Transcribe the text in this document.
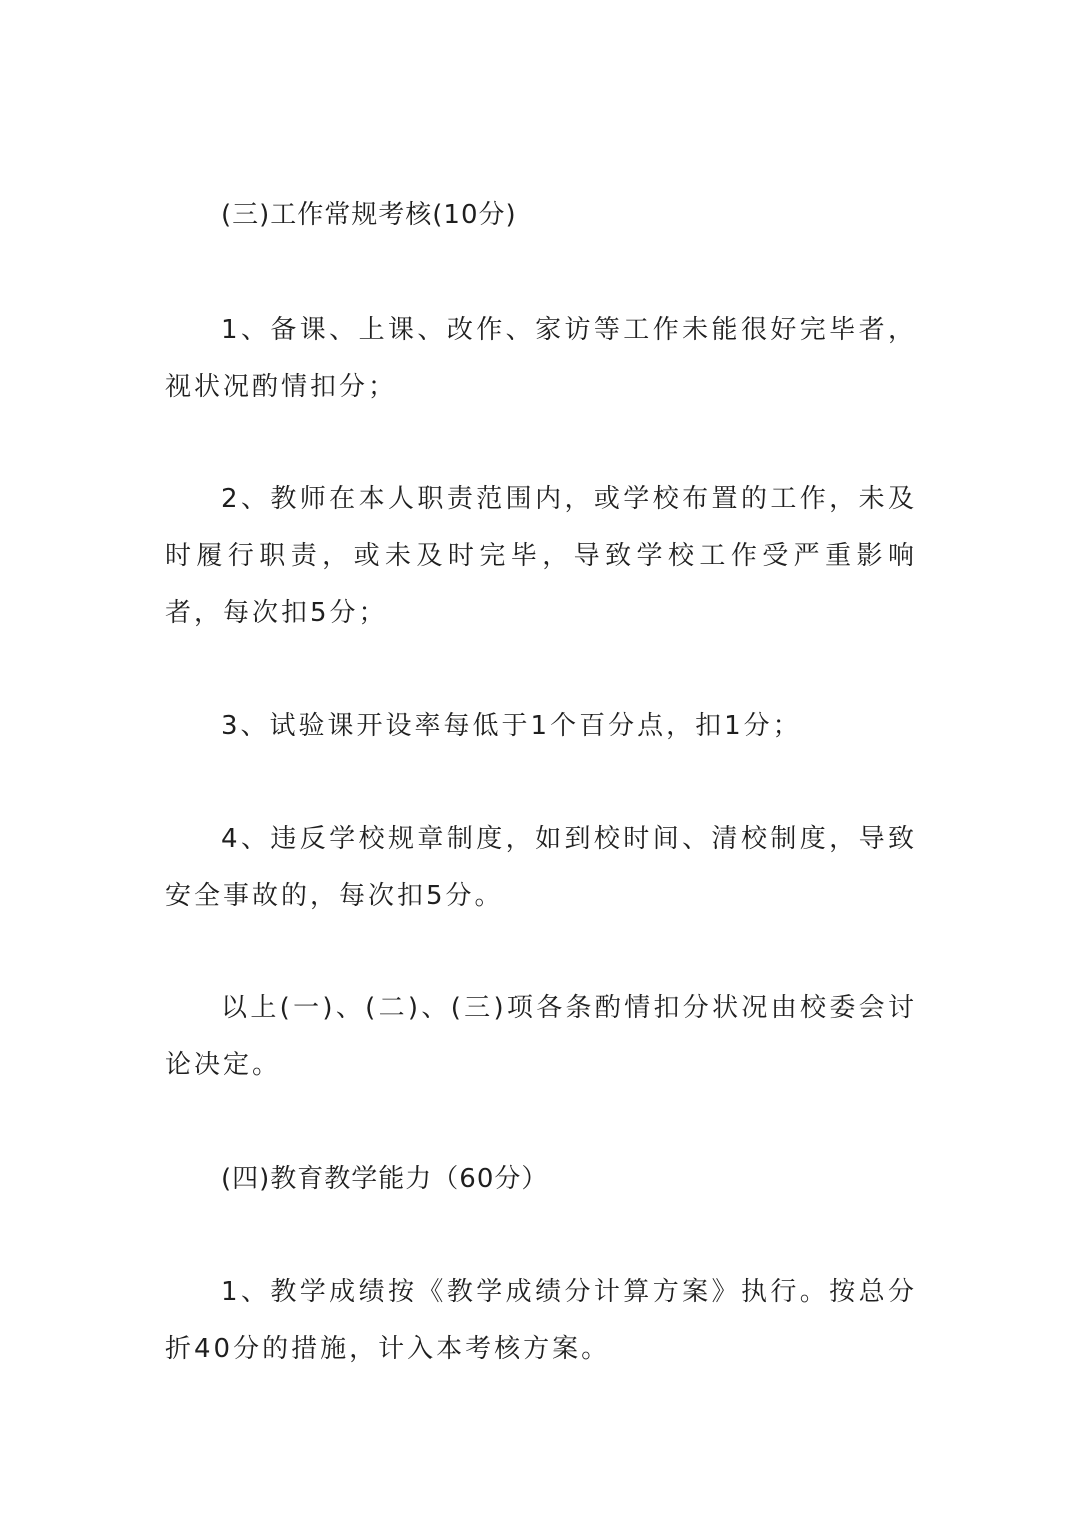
(三)工作常规考核(10分)

1、备课、上课、改作、家访等工作未能很好完毕者，视状况酌情扣分；

2、教师在本人职责范围内，或学校布置的工作，未及时履行职责，或未及时完毕，导致学校工作受严重影响者，每次扣5分；

3、试验课开设率每低于1个百分点，扣1分；

4、违反学校规章制度，如到校时间、清校制度，导致安全事故的，每次扣5分。

以上(一)、(二)、(三)项各条酌情扣分状况由校委会讨论决定。

(四)教育教学能力（60分）

1、教学成绩按《教学成绩分计算方案》执行。按总分折40分的措施，计入本考核方案。
